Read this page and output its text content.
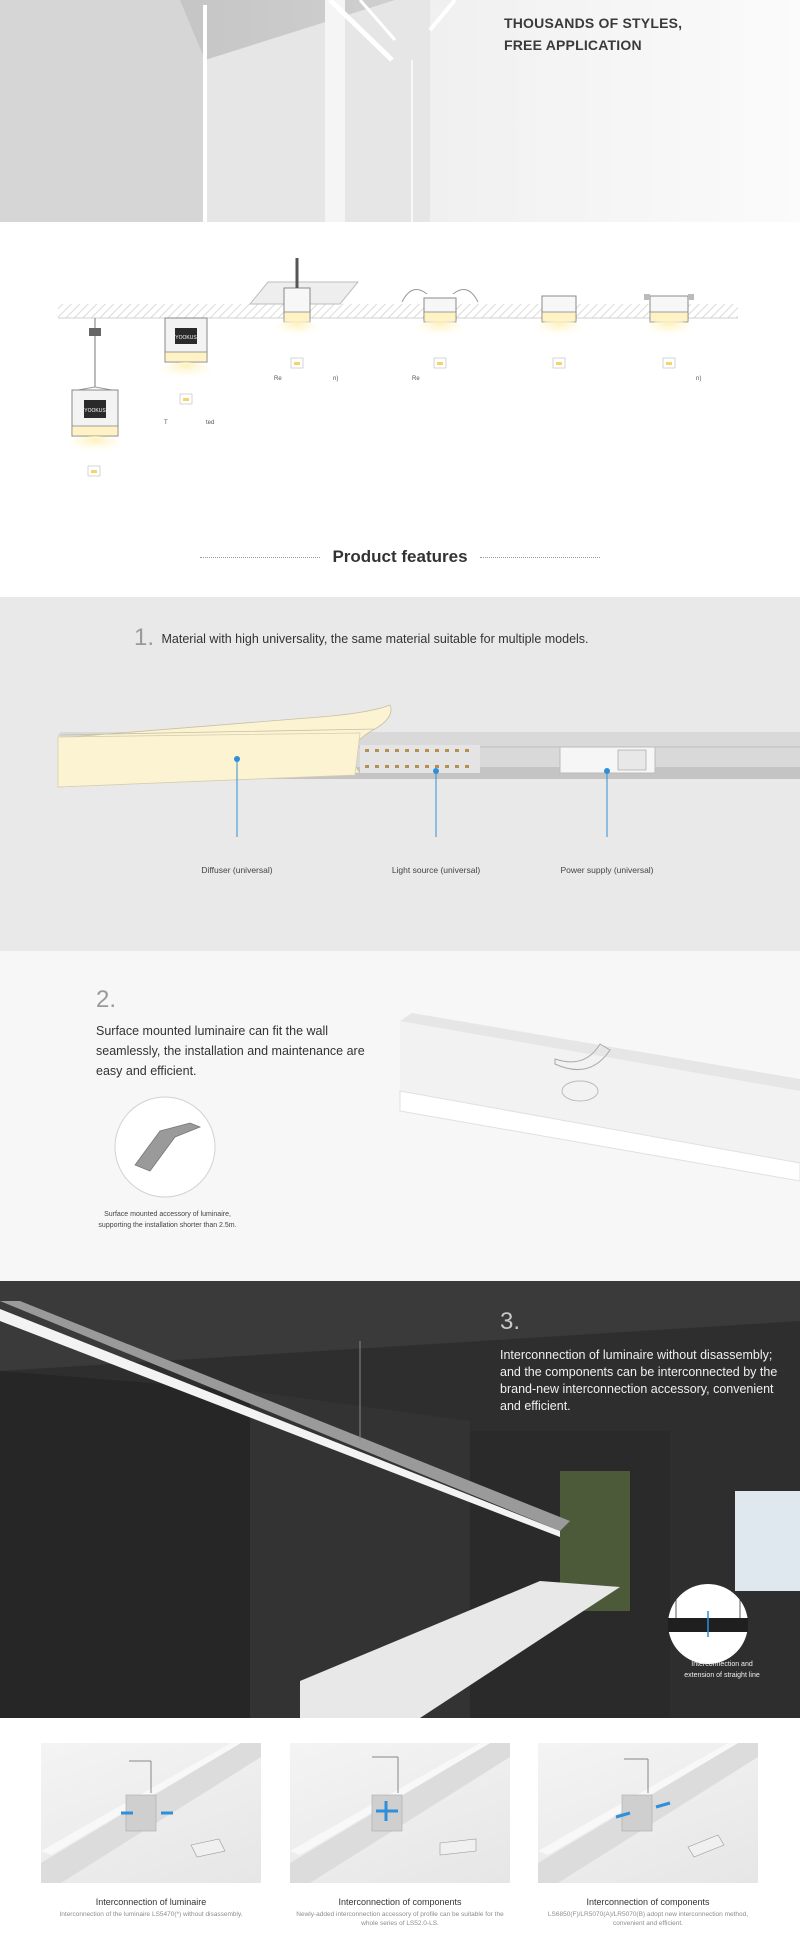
THOUSANDS OF STYLES,
FREE APPLICATION
YOOKUS
YOOKUS
Re	n)	Re	n)
T	ted
Product features
1. Material with high universality, the same material suitable for multiple models.
Diffuser (universal)	Light source (universal)	Power supply (universal)
2.
Surface mounted luminaire can fit the wall seamlessly, the installation and maintenance are easy and efficient.
Surface mounted accessory of luminaire,
supporting the installation shorter than 2.5m.
3.
Interconnection of luminaire without disassembly; and the components can be interconnected by the brand-new interconnection accessory, convenient and efficient.
Interconnection and
extension of straight line
Interconnection of luminaire
Interconnection of the luminaire LS5470(*) without disassembly.
Interconnection of components
Newly-added interconnection accessory of profile can be suitable for the whole series of LS52.0-LS.
Interconnection of components
LS6850(F)/LR5070(A)/LR5070(B) adopt new interconnection method, convenient and efficient.
